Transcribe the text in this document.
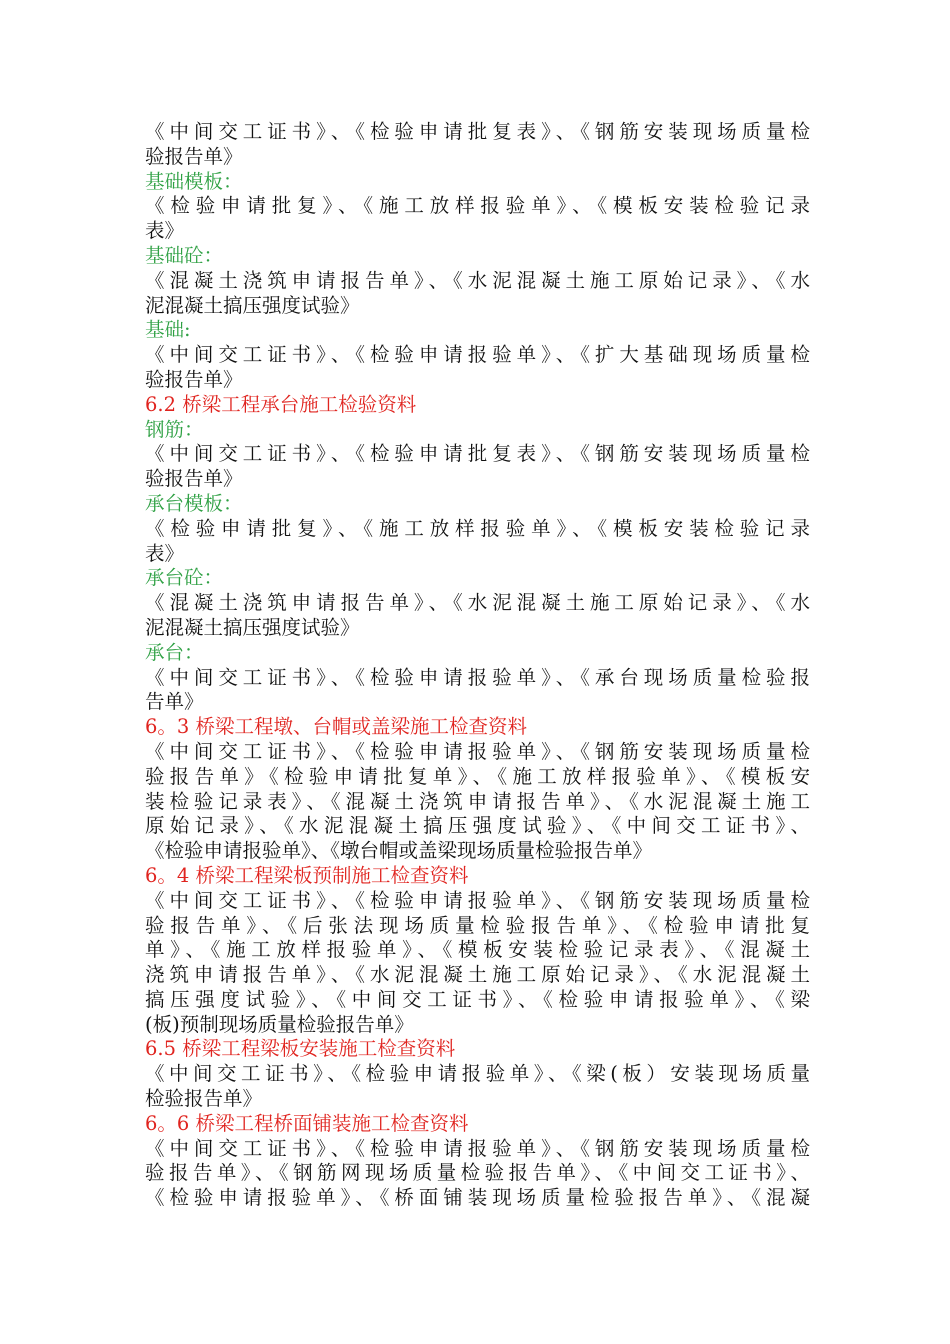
《中间交工证书》、《检验申请批复表》、《钢筋安装现场质量检
验报告单》
基础模板：
《检验申请批复》、《施工放样报验单》、《模板安装检验记录
表》
基础砼：
《混凝土浇筑申请报告单》、《水泥混凝土施工原始记录》、《水
泥混凝土搞压强度试验》
基础:
《中间交工证书》、《检验申请报验单》、《扩大基础现场质量检
验报告单》
6.2 桥梁工程承台施工检验资料
钢筋：
《中间交工证书》、《检验申请批复表》、《钢筋安装现场质量检
验报告单》
承台模板：
《检验申请批复》、《施工放样报验单》、《模板安装检验记录
表》
承台砼：
《混凝土浇筑申请报告单》、《水泥混凝土施工原始记录》、《水
泥混凝土搞压强度试验》
承台：
《中间交工证书》、《检验申请报验单》、《承台现场质量检验报
告单》
6。3 桥梁工程墩、台帽或盖梁施工检查资料
《中间交工证书》、《检验申请报验单》、《钢筋安装现场质量检
验报告单》《检验申请批复单》、《施工放样报验单》、《模板安
装检验记录表》、《混凝土浇筑申请报告单》、《水泥混凝土施工
原始记录》、《水泥混凝土搞压强度试验》、《中间交工证书》、
《检验申请报验单》、《墩台帽或盖梁现场质量检验报告单》
6。4 桥梁工程梁板预制施工检查资料
《中间交工证书》、《检验申请报验单》、《钢筋安装现场质量检
验报告单》、《后张法现场质量检验报告单》、《检验申请批复
单》、《施工放样报验单》、《模板安装检验记录表》、《混凝土
浇筑申请报告单》、《水泥混凝土施工原始记录》、《水泥混凝土
搞压强度试验》、《中间交工证书》、《检验申请报验单》、《梁
(板)预制现场质量检验报告单》
6.5 桥梁工程梁板安装施工检查资料
《中间交工证书》、《检验申请报验单》、《梁(板）安装现场质量
检验报告单》
6。6 桥梁工程桥面铺装施工检查资料
《中间交工证书》、《检验申请报验单》、《钢筋安装现场质量检
验报告单》、《钢筋网现场质量检验报告单》、《中间交工证书》、
《检验申请报验单》、《桥面铺装现场质量检验报告单》、《混凝
